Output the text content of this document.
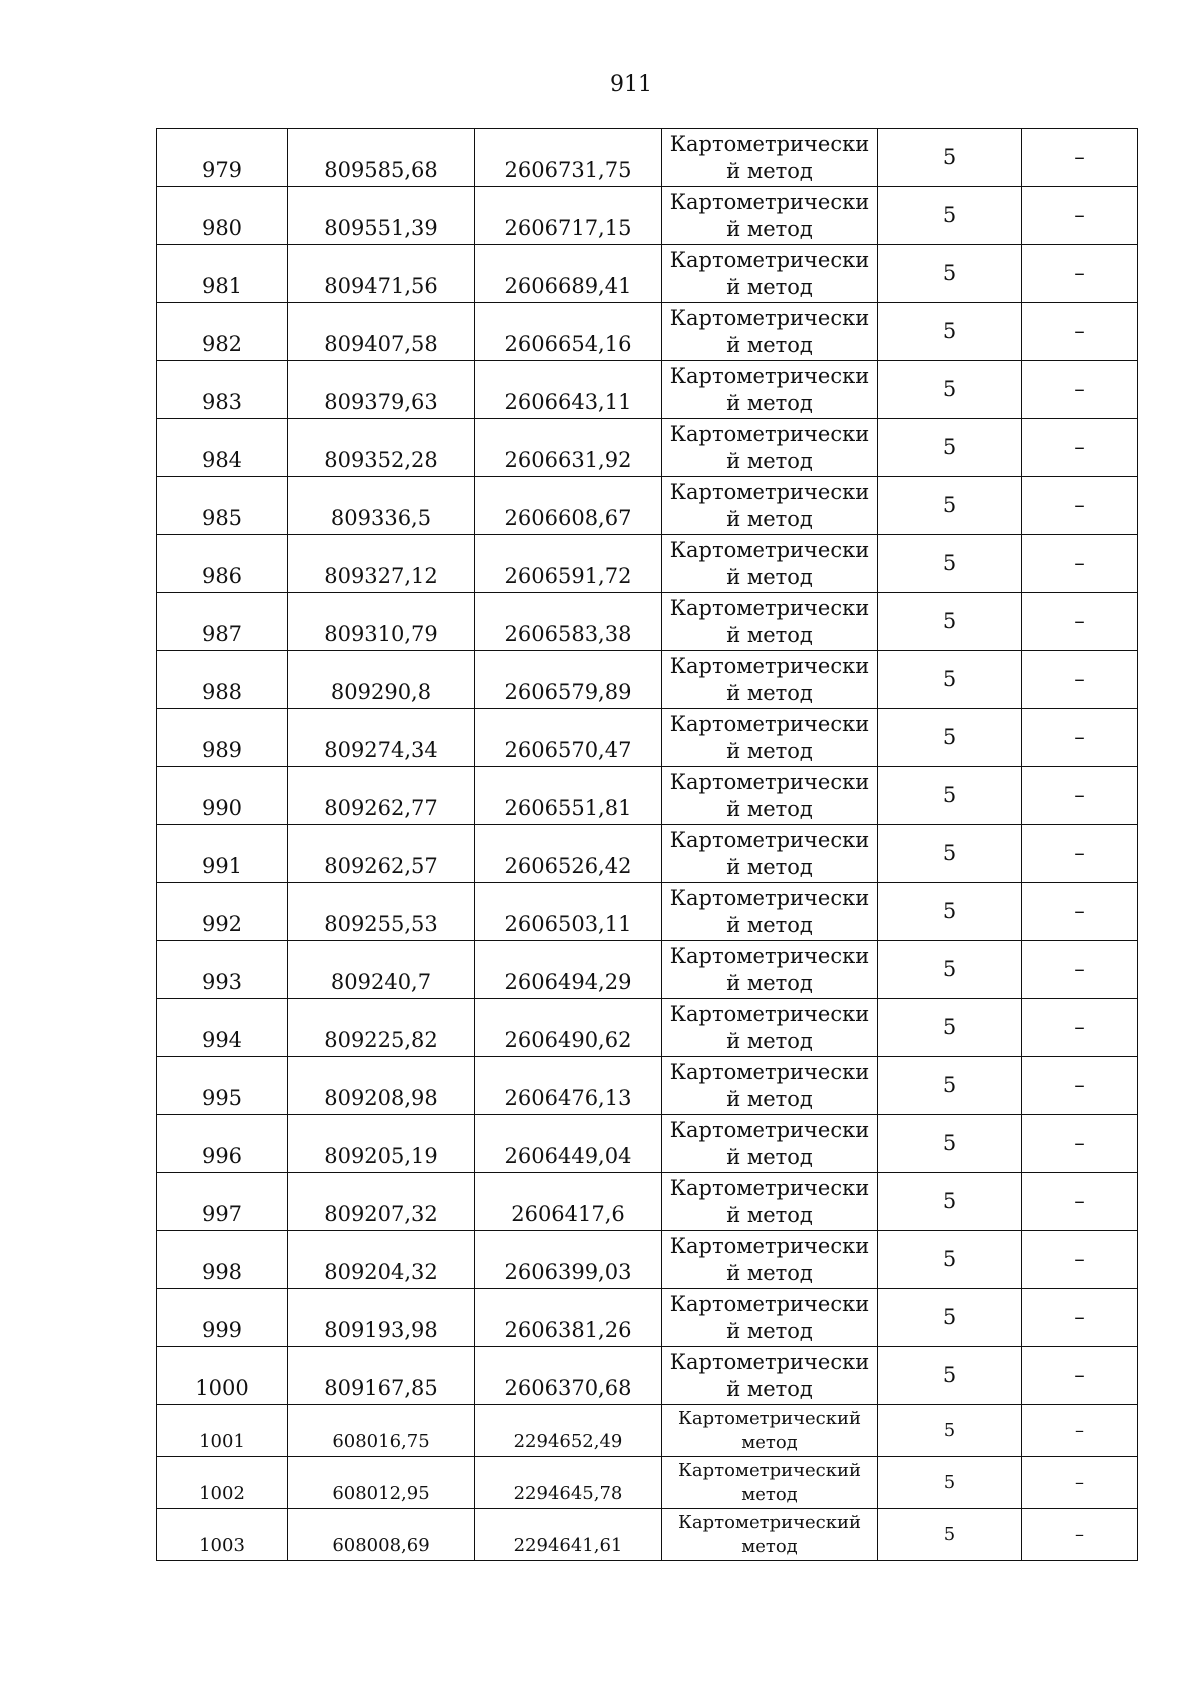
911
979	809585,68	2606731,75	Картометрически й метод	5	–

980	809551,39	2606717,15	Картометрически й метод	5	–

981	809471,56	2606689,41	Картометрически й метод	5	–

982	809407,58	2606654,16	Картометрически й метод	5	–

983	809379,63	2606643,11	Картометрически й метод	5	–

984	809352,28	2606631,92	Картометрически й метод	5	–

985	809336,5	2606608,67	Картометрически й метод	5	–

986	809327,12	2606591,72	Картометрически й метод	5	–

987	809310,79	2606583,38	Картометрически й метод	5	–

988	809290,8	2606579,89	Картометрически й метод	5	–

989	809274,34	2606570,47	Картометрически й метод	5	–

990	809262,77	2606551,81	Картометрически й метод	5	–

991	809262,57	2606526,42	Картометрически й метод	5	–

992	809255,53	2606503,11	Картометрически й метод	5	–

993	809240,7	2606494,29	Картометрически й метод	5	–

994	809225,82	2606490,62	Картометрически й метод	5	–

995	809208,98	2606476,13	Картометрически й метод	5	–

996	809205,19	2606449,04	Картометрически й метод	5	–

997	809207,32	2606417,6	Картометрически й метод	5	–

998	809204,32	2606399,03	Картометрически й метод	5	–

999	809193,98	2606381,26	Картометрически й метод	5	–

1000	809167,85	2606370,68	Картометрически й метод	5	–

1001	608016,75	2294652,49	Картометрический метод	5	–

1002	608012,95	2294645,78	Картометрический метод	5	–

1003	608008,69	2294641,61	Картометрический метод	5	–
